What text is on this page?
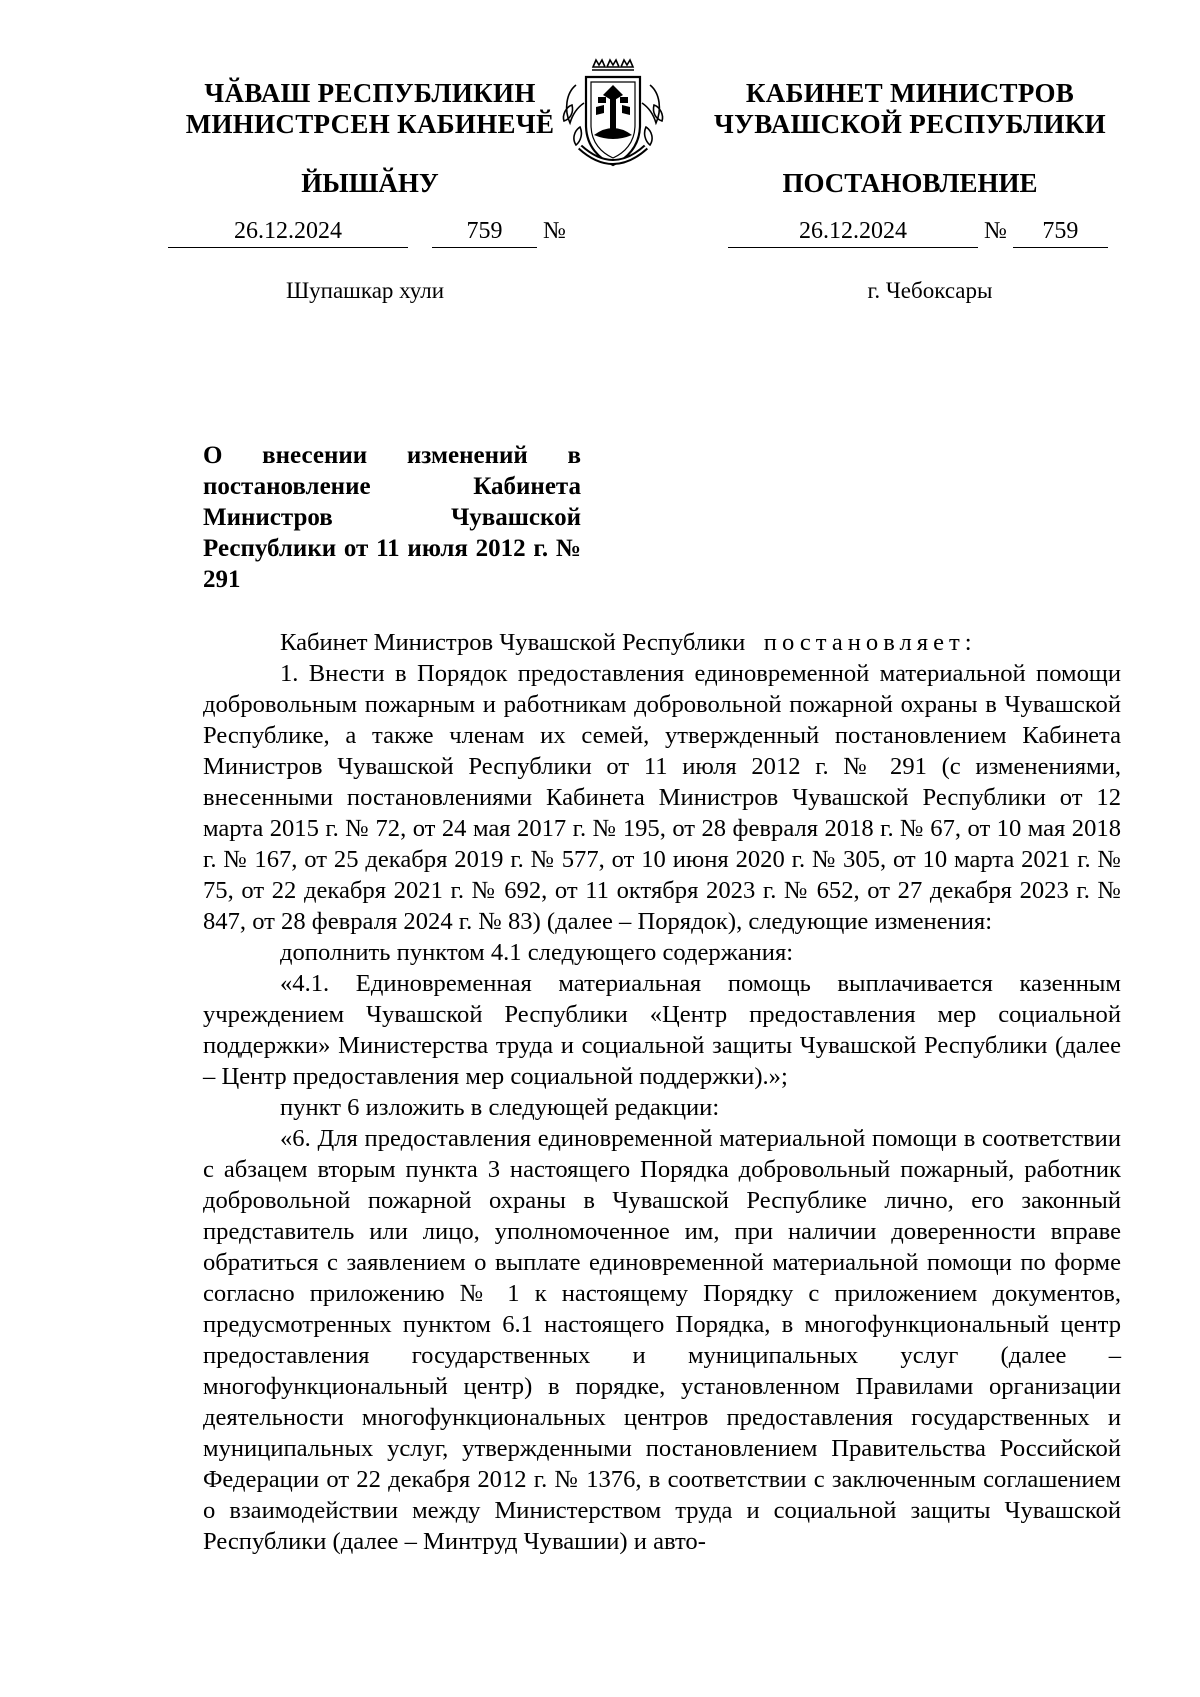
ЧӐВАШ РЕСПУБЛИКИН
МИНИСТРСЕН КАБИНЕЧӖ
ЙЫШӐНУ
КАБИНЕТ МИНИСТРОВ
ЧУВАШСКОЙ РЕСПУБЛИКИ
ПОСТАНОВЛЕНИЕ
26.12.2024	759 №	26.12.2024	№ 759
Шупашкар хули	г. Чебоксары
О внесении изменений в постановление Кабинета Министров Чувашской Республики от 11 июля 2012 г. № 291

Кабинет Министров Чувашской Республики постановляет:

1. Внести в Порядок предоставления единовременной материальной помощи добровольным пожарным и работникам добровольной пожарной охраны в Чувашской Республике, а также членам их семей, утвержденный постановлением Кабинета Министров Чувашской Республики от 11 июля 2012 г. № 291 (с изменениями, внесенными постановлениями Кабинета Министров Чувашской Республики от 12 марта 2015 г. № 72, от 24 мая 2017 г. № 195, от 28 февраля 2018 г. № 67, от 10 мая 2018 г. № 167, от 25 декабря 2019 г. № 577, от 10 июня 2020 г. № 305, от 10 марта 2021 г. № 75, от 22 декабря 2021 г. № 692, от 11 октября 2023 г. № 652, от 27 декабря 2023 г. № 847, от 28 февраля 2024 г. № 83) (далее – Порядок), следующие изменения:

дополнить пунктом 4.1 следующего содержания:

«4.1. Единовременная материальная помощь выплачивается казенным учреждением Чувашской Республики «Центр предоставления мер социальной поддержки» Министерства труда и социальной защиты Чувашской Республики (далее – Центр предоставления мер социальной поддержки).»;

пункт 6 изложить в следующей редакции:

«6. Для предоставления единовременной материальной помощи в соответствии с абзацем вторым пункта 3 настоящего Порядка добровольный пожарный, работник добровольной пожарной охраны в Чувашской Республике лично, его законный представитель или лицо, уполномоченное им, при наличии доверенности вправе обратиться с заявлением о выплате единовременной материальной помощи по форме согласно приложению № 1 к настоящему Порядку с приложением документов, предусмотренных пунктом 6.1 настоящего Порядка, в многофункциональный центр предоставления государственных и муниципальных услуг (далее – многофункциональный центр) в порядке, установленном Правилами организации деятельности многофункциональных центров предоставления государственных и муниципальных услуг, утвержденными постановлением Правительства Российской Федерации от 22 декабря 2012 г. № 1376, в соответствии с заключенным соглашением о взаимодействии между Министерством труда и социальной защиты Чувашской Республики (далее – Минтруд Чувашии) и авто-
